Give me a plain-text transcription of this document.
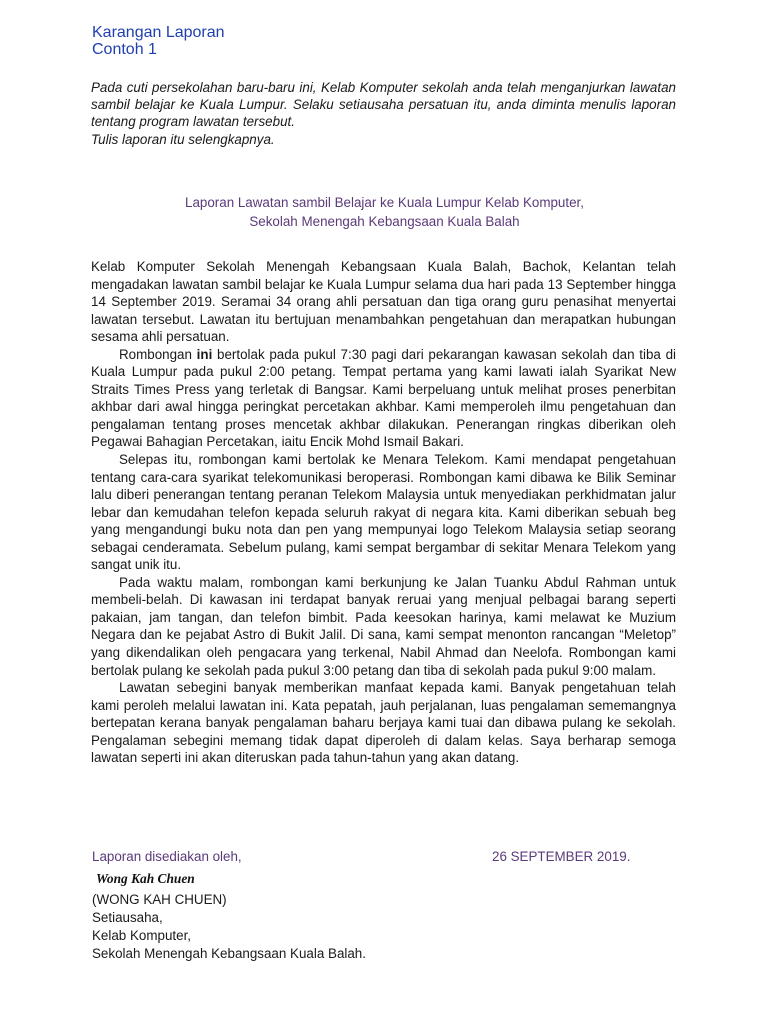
Karangan Laporan
Contoh 1

Pada cuti persekolahan baru-baru ini, Kelab Komputer sekolah anda telah menganjurkan lawatan sambil belajar ke Kuala Lumpur. Selaku setiausaha persatuan itu, anda diminta menulis laporan tentang program lawatan tersebut.

Tulis laporan itu selengkapnya.

Laporan Lawatan sambil Belajar ke Kuala Lumpur Kelab Komputer,
Sekolah Menengah Kebangsaan Kuala Balah

Kelab Komputer Sekolah Menengah Kebangsaan Kuala Balah, Bachok, Kelantan telah mengadakan lawatan sambil belajar ke Kuala Lumpur selama dua hari pada 13 September hingga 14 September 2019. Seramai 34 orang ahli persatuan dan tiga orang guru penasihat menyertai lawatan tersebut. Lawatan itu bertujuan menambahkan pengetahuan dan merapatkan hubungan sesama ahli persatuan.

Rombongan ini bertolak pada pukul 7:30 pagi dari pekarangan kawasan sekolah dan tiba di Kuala Lumpur pada pukul 2:00 petang. Tempat pertama yang kami lawati ialah Syarikat New Straits Times Press yang terletak di Bangsar. Kami berpeluang untuk melihat proses penerbitan akhbar dari awal hingga peringkat percetakan akhbar. Kami memperoleh ilmu pengetahuan dan pengalaman tentang proses mencetak akhbar dilakukan. Penerangan ringkas diberikan oleh Pegawai Bahagian Percetakan, iaitu Encik Mohd Ismail Bakari.

Selepas itu, rombongan kami bertolak ke Menara Telekom. Kami mendapat pengetahuan tentang cara-cara syarikat telekomunikasi beroperasi. Rombongan kami dibawa ke Bilik Seminar lalu diberi penerangan tentang peranan Telekom Malaysia untuk menyediakan perkhidmatan jalur lebar dan kemudahan telefon kepada seluruh rakyat di negara kita. Kami diberikan sebuah beg yang mengandungi buku nota dan pen yang mempunyai logo Telekom Malaysia setiap seorang sebagai cenderamata. Sebelum pulang, kami sempat bergambar di sekitar Menara Telekom yang sangat unik itu.

Pada waktu malam, rombongan kami berkunjung ke Jalan Tuanku Abdul Rahman untuk membeli-belah. Di kawasan ini terdapat banyak reruai yang menjual pelbagai barang seperti pakaian, jam tangan, dan telefon bimbit. Pada keesokan harinya, kami melawat ke Muzium Negara dan ke pejabat Astro di Bukit Jalil. Di sana, kami sempat menonton rancangan “Meletop” yang dikendalikan oleh pengacara yang terkenal, Nabil Ahmad dan Neelofa. Rombongan kami bertolak pulang ke sekolah pada pukul 3:00 petang dan tiba di sekolah pada pukul 9:00 malam.

Lawatan sebegini banyak memberikan manfaat kepada kami. Banyak pengetahuan telah kami peroleh melalui lawatan ini. Kata pepatah, jauh perjalanan, luas pengalaman sememangnya bertepatan kerana banyak pengalaman baharu berjaya kami tuai dan dibawa pulang ke sekolah. Pengalaman sebegini memang tidak dapat diperoleh di dalam kelas. Saya berharap semoga lawatan seperti ini akan diteruskan pada tahun-tahun yang akan datang.

Laporan disediakan oleh,	26 SEPTEMBER 2019.
Wong Kah Chuen
(WONG KAH CHUEN)
Setiausaha,
Kelab Komputer,
Sekolah Menengah Kebangsaan Kuala Balah.
